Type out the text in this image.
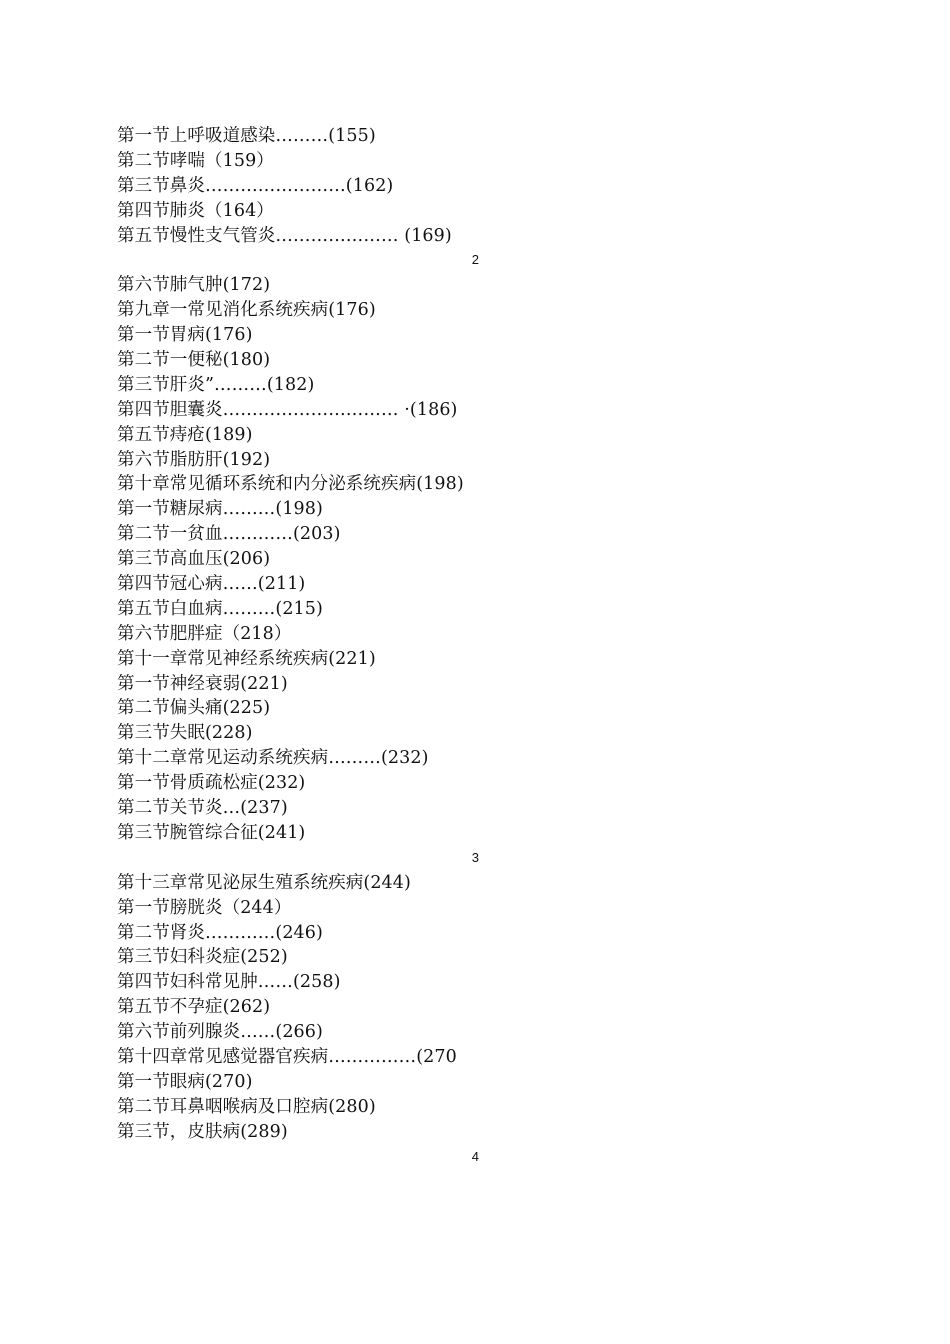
第一节上呼吸道感染………(155)
第二节哮喘（159）
第三节鼻炎……………………(162)
第四节肺炎（164）
第五节慢性支气管炎………………… (169)
2
第六节肺气肿(172)
第九章一常见消化系统疾病(176)
第一节胃病(176)
第二节一便秘(180)
第三节肝炎”………(182)
第四节胆囊炎………………………… ·(186)
第五节痔疮(189)
第六节脂肪肝(192)
第十章常见循环系统和内分泌系统疾病(198)
第一节糖尿病………(198)
第二节一贫血…………(203)
第三节高血压(206)
第四节冠心病……(211)
第五节白血病………(215)
第六节肥胖症（218）
第十一章常见神经系统疾病(221)
第一节神经衰弱(221)
第二节偏头痛(225)
第三节失眠(228)
第十二章常见运动系统疾病………(232)
第一节骨质疏松症(232)
第二节关节炎…(237)
第三节腕管综合征(241)
3
第十三章常见泌尿生殖系统疾病(244)
第一节膀胱炎（244）
第二节肾炎…………(246)
第三节妇科炎症(252)
第四节妇科常见肿……(258)
第五节不孕症(262)
第六节前列腺炎……(266)
第十四章常见感觉器官疾病……………(270
第一节眼病(270)
第二节耳鼻咽喉病及口腔病(280)
第三节，皮肤病(289)
4
